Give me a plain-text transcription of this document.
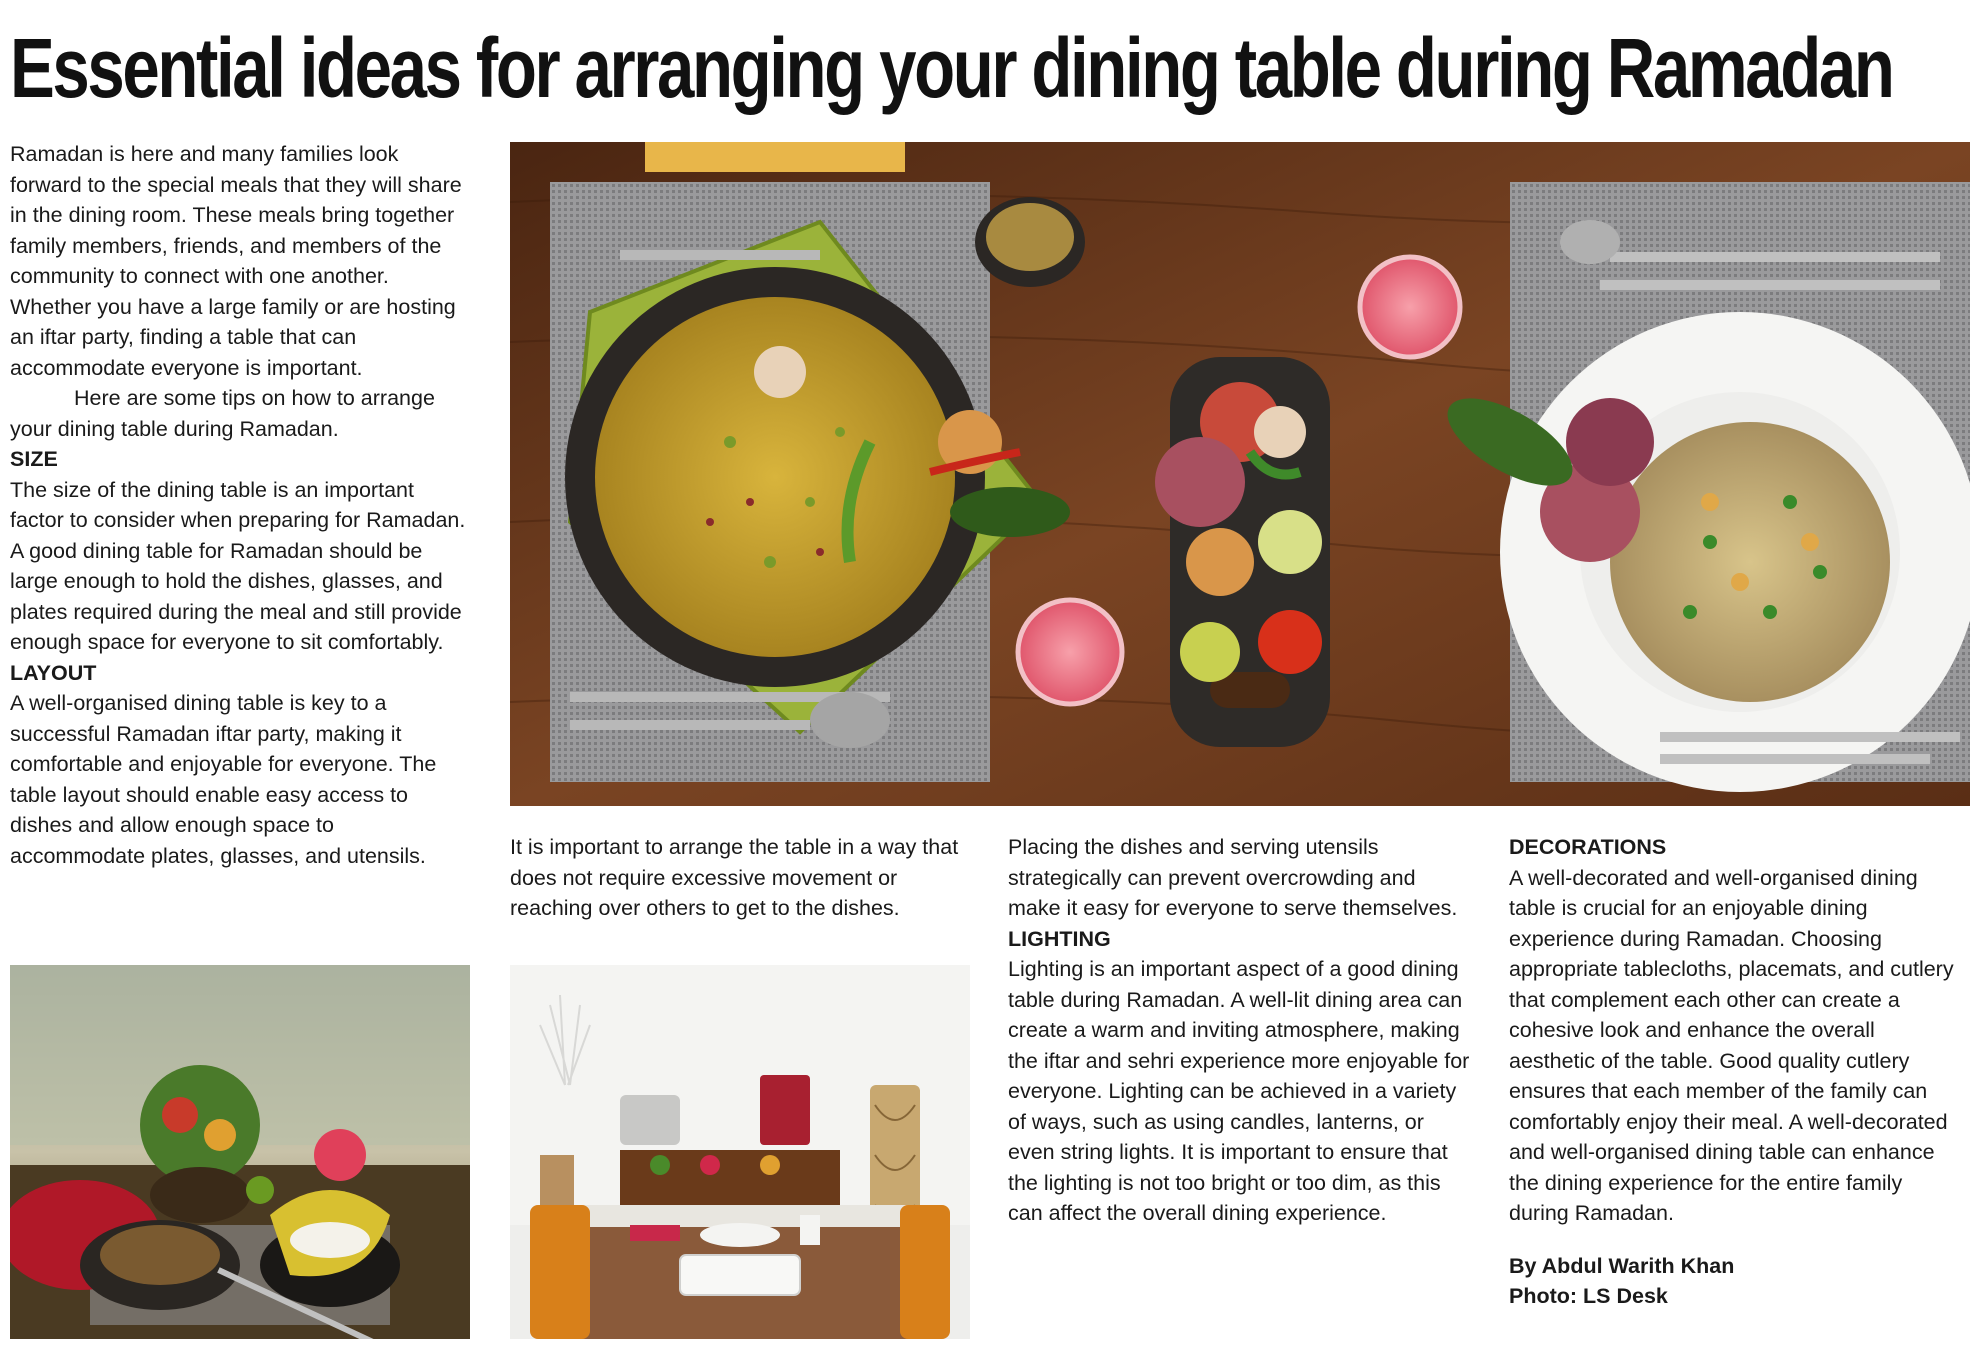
Essential ideas for arranging your dining table during Ramadan

Ramadan is here and many families look forward to the special meals that they will share in the dining room. These meals bring together family members, friends, and members of the community to connect with one another. Whether you have a large family or are hosting an iftar party, finding a table that can accommodate everyone is important.

Here are some tips on how to arrange your dining table during Ramadan.

SIZE

The size of the dining table is an important factor to consider when preparing for Ramadan. A good dining table for Ramadan should be large enough to hold the dishes, glasses, and plates required during the meal and still provide enough space for everyone to sit comfortably.

LAYOUT

A well-organised dining table is key to a successful Ramadan iftar party, making it comfortable and enjoyable for everyone. The table layout should enable easy access to dishes and allow enough space to accommodate plates, glasses, and utensils.	It is important to arrange the table in a way that does not require excessive movement or reaching over others to get to the dishes.

Placing the dishes and serving utensils strategically can prevent overcrowding and make it easy for everyone to serve themselves.

LIGHTING

Lighting is an important aspect of a good dining table during Ramadan. A well-lit dining area can create a warm and inviting atmosphere, making the iftar and sehri experience more enjoyable for everyone. Lighting can be achieved in a variety of ways, such as using candles, lanterns, or even string lights. It is important to ensure that the lighting is not too bright or too dim, as this can affect the overall dining experience.

DECORATIONS

A well-decorated and well-organised dining table is crucial for an enjoyable dining experience during Ramadan. Choosing appropriate tablecloths, placemats, and cutlery that complement each other can create a cohesive look and enhance the overall aesthetic of the table. Good quality cutlery ensures that each member of the family can comfortably enjoy their meal. A well-decorated and well-organised dining table can enhance the dining experience for the entire family during Ramadan.

By Abdul Warith Khan
Photo: LS Desk
